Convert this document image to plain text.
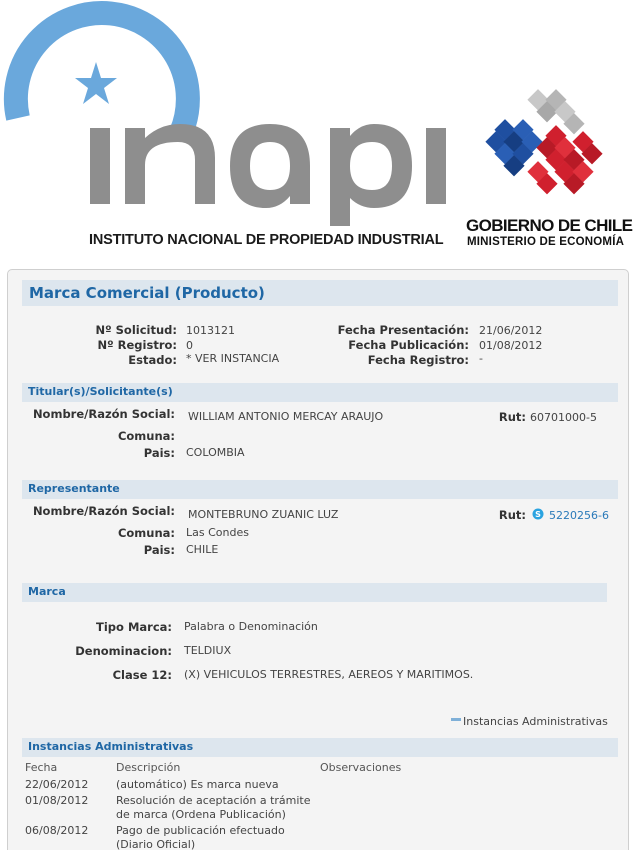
INSTITUTO NACIONAL DE PROPIEDAD INDUSTRIAL
GOBIERNO DE CHILE
MINISTERIO DE ECONOMÍA
Marca Comercial (Producto)
Nº Solicitud: 1013121
Nº Registro: 0
Estado: * VER INSTANCIA
Fecha Presentación: 21/06/2012
Fecha Publicación: 01/08/2012
Fecha Registro: -
Titular(s)/Solicitante(s)
Nombre/Razón Social: WILLIAM ANTONIO MERCAY ARAUJO	Rut: 60701000-5
Comuna:
Pais: COLOMBIA
Representante
Nombre/Razón Social: MONTEBRUNO ZUANIC LUZ	Rut: S 5220256-6
Comuna: Las Condes
Pais: CHILE
Marca
Tipo Marca: Palabra o Denominación
Denominacion: TELDIUX
Clase 12: (X) VEHICULOS TERRESTRES, AEREOS Y MARITIMOS.
Instancias Administrativas
Instancias Administrativas
Fecha	Descripción	Observaciones
22/06/2012	(automático) Es marca nueva
01/08/2012	Resolución de aceptación a trámite
de marca (Ordena Publicación)
06/08/2012	Pago de publicación efectuado
(Diario Oficial)
